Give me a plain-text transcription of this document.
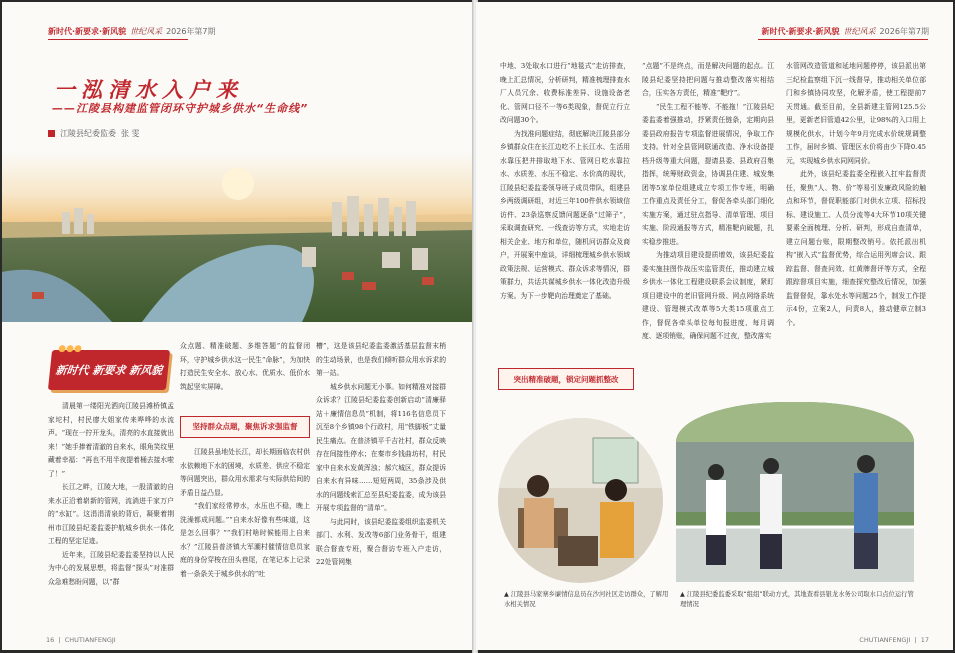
新时代·新要求·新风貌 世纪风采 2026年第7期
一泓清水入户来
——江陵县构建监管闭环守护城乡供水“生命线”
江陵县纪委监委 张 雯
●●●
新时代 新要求 新风貌

清晨第一缕阳光洒向江陵县滩桥镇孟家坨村，村民廖大姐家传来哗哗的水流声。“现在一拧开龙头，清亮的水直接就出来！”她手捧着清澈的自来水，眼角笑纹里藏着幸福：“再也不用半夜提着桶去接水啦了！”

长江之畔，江陵大地，一股清澈的自来水正沿着崭新的管网，流淌进千家万户的“水缸”。这涓涓清泉的背后，凝聚着荆州市江陵县纪委监委护航城乡供水一体化工程的坚定足迹。

近年来，江陵县纪委监委坚持以人民为中心的发展思想，将监督“探头”对准群众急难愁盼问题，以“群

众点题、精准破题、多维答题”的监督闭环，守护城乡供水这一民生“命脉”，为加快打造民生安全水、放心水、优质水、低价水筑起坚实屏障。

坚持群众点题，聚焦诉求强监督

江陵县虽地处长江，却长期面临农村供水依赖地下水的困境，水质差、供应不稳定等问题突出，群众用水需求与实际供给间的矛盾日益凸显。

“我们家经常停水，水压也不稳，晚上洗澡都成问题。”“自来水好像有些味道，这是怎么回事？”“我们村啥时候能用上自来水？”江陵县普济镇大军潮村催情信息员家庭的身份穿梭在田头巷尾，在笔记本上记录着一条条关于城乡供水的“吐

槽”，这是该县纪委监委激活基层监督末梢的生动场景，也是我们倾听群众用水诉求的第一站。

城乡供水问题无小事。如何精准对接群众诉求？江陵县纪委监委创新启动“清廉驿站＋廉情信息员”机制，将116名信息员下沉至8个乡镇98个行政村，用“铁脚板”丈量民生痛点。在普济镇平千吉社村，群众反映存在间接性停水；在秦市乡钱曲坊村，村民家中自来水发黄浑浊；郝穴城区，群众提诉自来水有异味……短短两周，35条涉及供水的问题线索汇总至县纪委监委，成为该县开展专项监督的“清单”。

与此同时，该县纪委监委组织监委机关部门、水利、发改等6部门业务骨干，组建联合督查专班，聚合督访专班入户走访，22处管网集

16  |  CHUTIANFENGJI
新时代·新要求·新风貌 世纪风采 2026年第7期

中地、3处取水口进行“地毯式”走访排查，晚上汇总情况，分析研判，精准梳理排查水厂人员冗余、收费标准差异、设施设备老化、管网口径不一等6类现象，督促立行立改问题30个。

为找准问题症结，彻底解决江陵县部分乡镇群众住在长江边吃不上长江水、生活用水靠压把井排取地下水、管网日吃水靠拉水、水质差、水压不稳定、水价高的现状，江陵县纪委监委领导班子成员带队，组建县乡两级调研组，对近三年100件供水领域信访件、23条巡察反馈问题逐条“过筛子”，采取调查研究、一线查访等方式，实地走访相关企业、地方和单位，随机问访群众及商户，开展案中座谈，详细梳理城乡供水领域政策法规、运营模式、群众诉求等情况，群策群力，共话共谋城乡供水一体化改造升级方案。为下一步靶向治理奠定了基础。

突出精准破题，锁定问题抓整改

“点题”不是终点，而是解决问题的起点。江陵县纪委坚持把问题与推动整改落实相结合，压实各方责任，精准“靶疗”。

“民生工程不能等、不能拖！”江陵县纪委监委着强推动，抒紧责任链条，定期向县委县政府报告专项监督进展情况，争取工作支持。针对全县管网联通改造、净水设备提档升级等重大问题，提请县委、县政府召集指挥，统筹财政资金，协调县住建、城发集团等5家单位组建成立专项工作专班，明确工作重点及责任分工，督促各牵头部门细化实施方案，通过驻点指导、清单管理、项目实施、阶段通报等方式，精准靶向破题，扎实稳步推进。

为推动项目建设提质增效，该县纪委监委实施挂图作战压实监管责任，推动建立城乡供水一体化工程建设联系会议制度，紧盯项目建设中的老旧管网升级、网点网络系统建设、管理模式改革等5大类15项重点工作，督促各牵头单位每旬报进度、每月调度、逐项销账，确保问题不过夜，整改落实

水管网改造管道和延地问题停停，该县派出第三纪检监察组下沉一线督导，推动相关单位部门和乡镇协同攻坚，化解矛盾，使工程提前7天贯通。截至目前，全县新建主管网125.5公里，更新老旧管道42公里，让98%的入口用上规模化供水，计划今年9月完成水价统规调整工作，届时乡镇、管理区水价将由少下降0.45元，实现城乡供水同网同价。

此外，该县纪委监委全程嵌入扛牢监督责任，聚焦“人、物、价”等易引发廉政风险的触点和环节，督促职能部门对供水立项、招标投标、建设施工、人员分流等4大环节10项关键要素全面梳理、分析、研判，形成自查清单，建立问题台账，限期整改销号。依托派出机构“嵌入式”监督优势，综合运用列席会议、跟踪监督、督查问效、红黄牌督评等方式，全程跟踪督项目实施，细查探究整改后情况，加强监督督促，靠水处水等问题25个，制发工作提示4份，立案2人，问责8人，推动健章立制3个。

CHUTIANFENGJI  |  17
▲ 江陵县马家寨乡廉情信息员在沙河社区走访群众，了解用水相关情况
▲ 江陵县纪委监委采取“组组”联动方式，其地查看县银龙水务公司取水口点位运行管理情况
